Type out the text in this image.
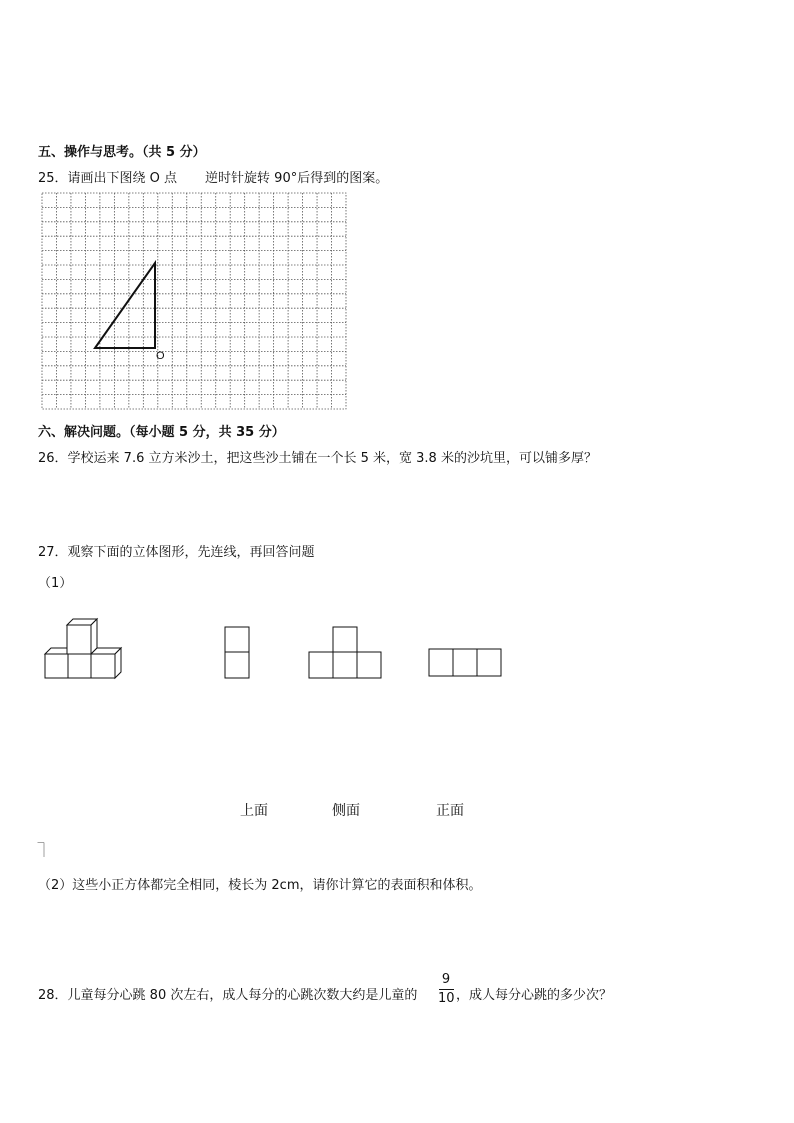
五、操作与思考。（共 5 分）
25．请画出下图绕 O 点 逆时针旋转 90°后得到的图案。
O
六、解决问题。（每小题 5 分，共 35 分）
26．学校运来 7.6 立方米沙土，把这些沙土铺在一个长 5 米，宽 3.8 米的沙坑里，可以铺多厚？
27．观察下面的立体图形，先连线，再回答问题
（1）
上面	侧面	正面
（2）这些小正方体都完全相同，棱长为 2cm，请你计算它的表面积和体积。
28．儿童每分心跳 80 次左右，成人每分的心跳次数大约是儿童的
9
10 ，成人每分心跳的多少次？
